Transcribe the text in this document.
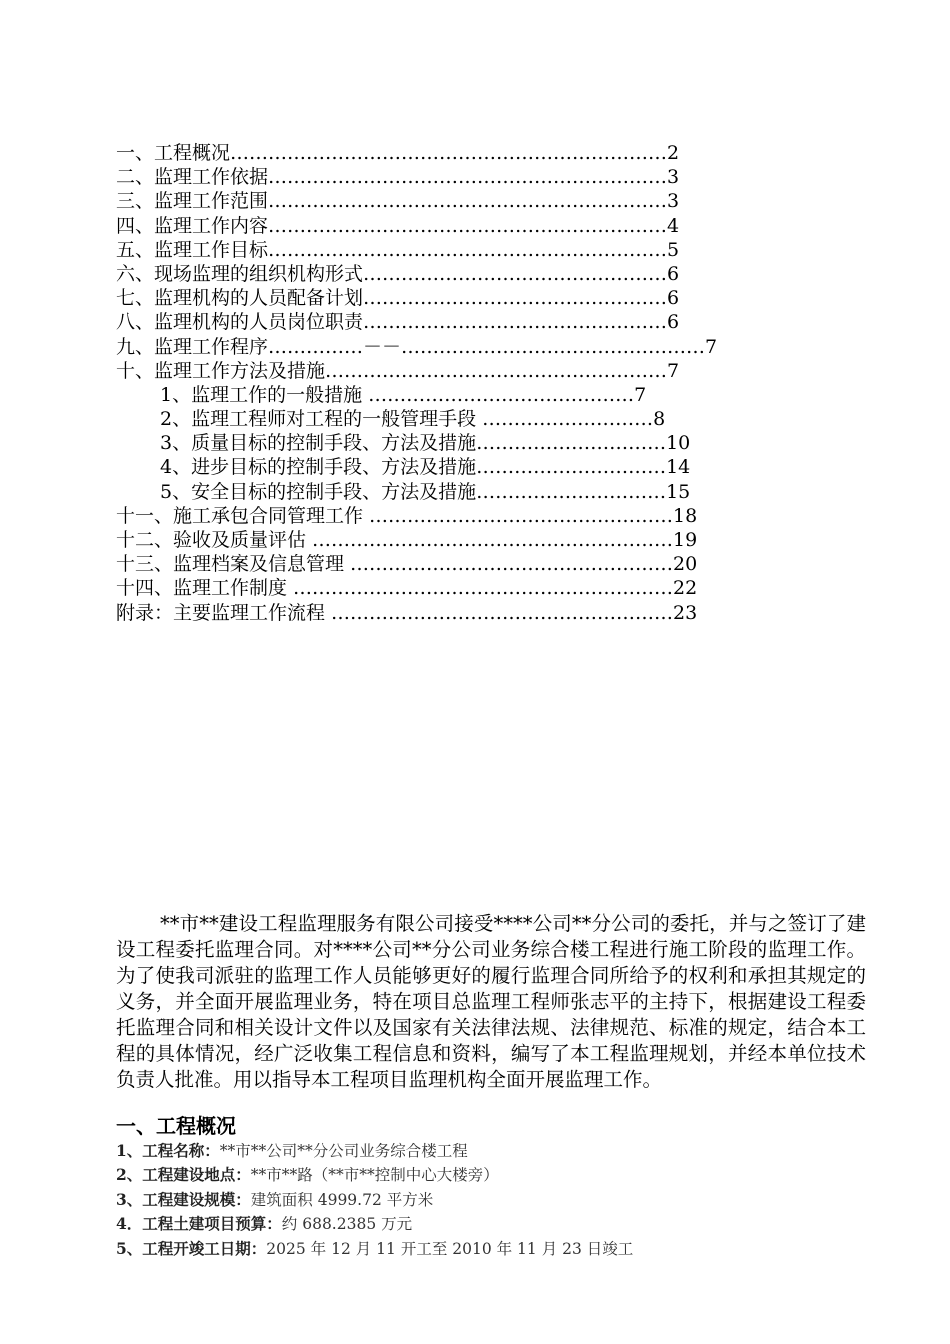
一、工程概况……………………………………………………………2
二、监理工作依据………………………………………………………3
三、监理工作范围………………………………………………………3
四、监理工作内容………………………………………………………4
五、监理工作目标………………………………………………………5
六、现场监理的组织机构形式…………………………………………6
七、监理机构的人员配备计划…………………………………………6
八、监理机构的人员岗位职责…………………………………………6
九、监理工作程序……………－－…………………………………………7
十、监理工作方法及措施………………………………………………7
1、监理工作的一般措施 ……………………………………7
2、监理工程师对工程的一般管理手段 ………………………8
3、质量目标的控制手段、方法及措施…………………………10
4、进步目标的控制手段、方法及措施…………………………14
5、安全目标的控制手段、方法及措施…………………………15
十一、施工承包合同管理工作 …………………………………………18
十二、验收及质量评估 …………………………………………………19
十三、监理档案及信息管理 ……………………………………………20
十四、监理工作制度 ……………………………………………………22
附录：主要监理工作流程 ………………………………………………23

**市**建设工程监理服务有限公司接受****公司**分公司的委托，并与之签订了建设工程委托监理合同。对****公司**分公司业务综合楼工程进行施工阶段的监理工作。为了使我司派驻的监理工作人员能够更好的履行监理合同所给予的权利和承担其规定的义务，并全面开展监理业务，特在项目总监理工程师张志平的主持下，根据建设工程委托监理合同和相关设计文件以及国家有关法律法规、法律规范、标准的规定，结合本工程的具体情况，经广泛收集工程信息和资料，编写了本工程监理规划，并经本单位技术负责人批准。用以指导本工程项目监理机构全面开展监理工作。

一、工程概况
1、工程名称：**市**公司**分公司业务综合楼工程
2、工程建设地点：**市**路（**市**控制中心大楼旁）
3、工程建设规模：建筑面积 4999.72 平方米
4．工程土建项目预算：约 688.2385 万元
5、工程开竣工日期：2025 年 12 月 11 开工至 2010 年 11 月 23 日竣工
